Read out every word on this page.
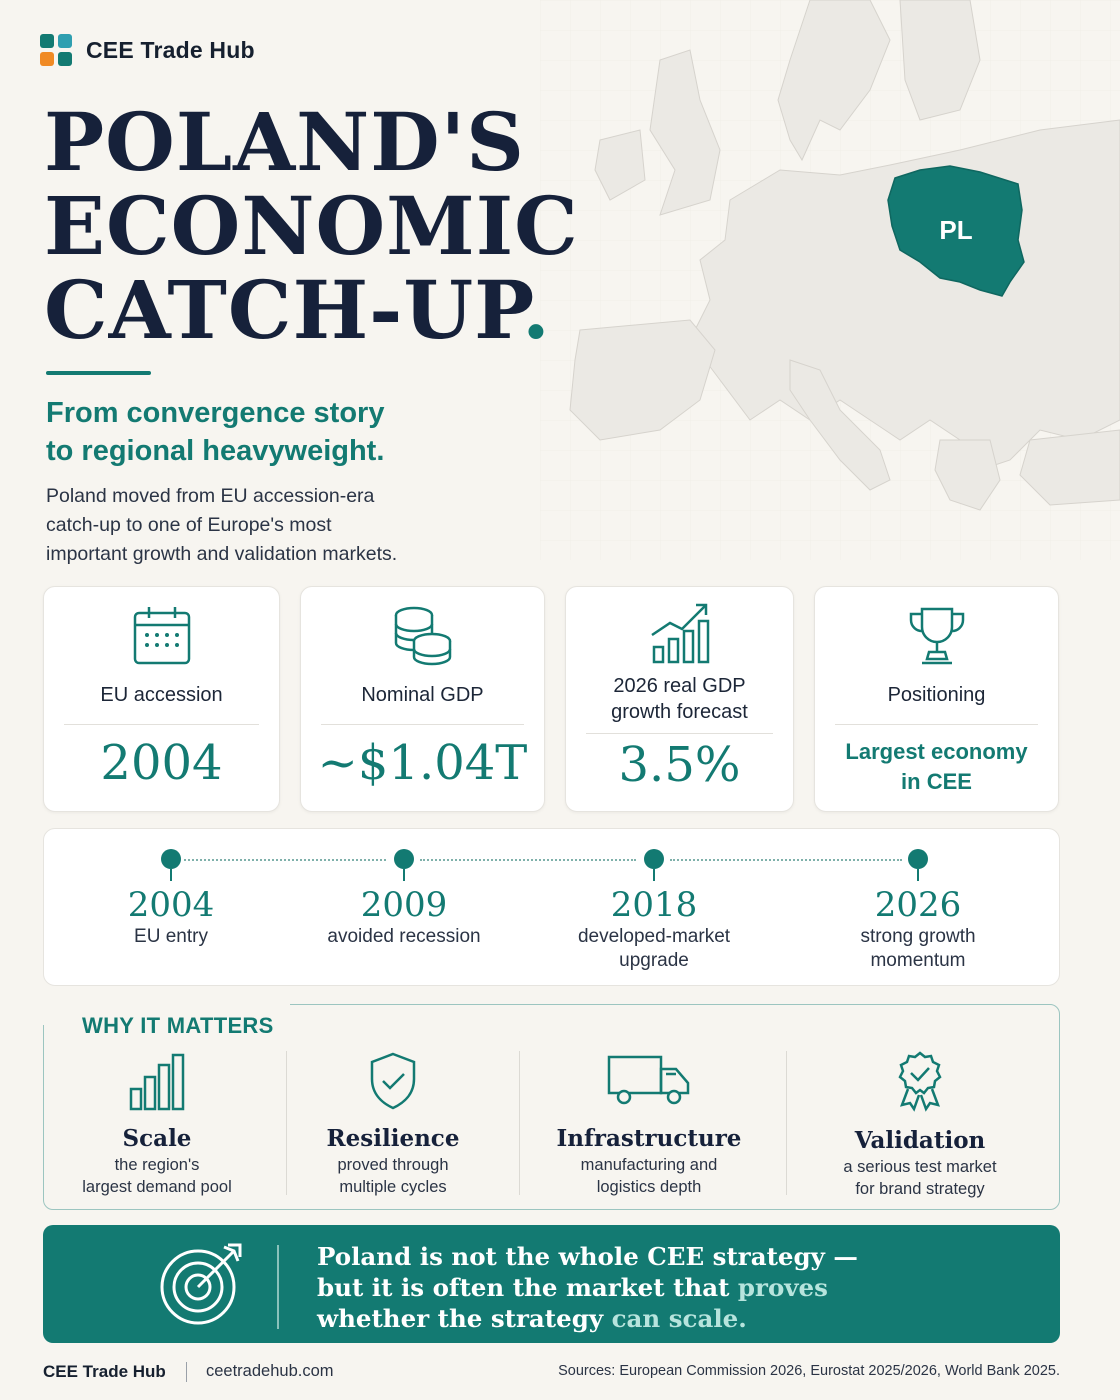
PL
CEE Trade Hub
POLAND'S
ECONOMIC
CATCH-UP.
From convergence story
to regional heavyweight.
Poland moved from EU accession-era
catch-up to one of Europe's most
important growth and validation markets.
EU accession
2004
Nominal GDP
~$1.04T
2026 real GDP
growth forecast
3.5%
Positioning
Largest economy
in CEE
2004
EU entry
2009
avoided recession
2018
developed-market
upgrade
2026
strong growth
momentum
WHY IT MATTERS
Scale
the region's
largest demand pool
Resilience
proved through
multiple cycles
Infrastructure
manufacturing and
logistics depth
Validation
a serious test market
for brand strategy
Poland is not the whole CEE strategy —
but it is often the market that proves
whether the strategy can scale.
CEE Trade Hub ceetradehub.com	Sources: European Commission 2026, Eurostat 2025/2026, World Bank 2025.
